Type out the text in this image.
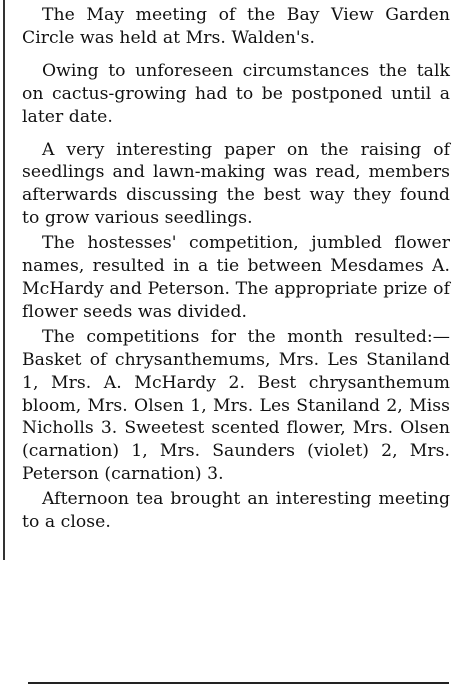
The May meeting of the Bay View Garden Circle was held at Mrs. Walden's.

Owing to unforeseen circumstances the talk on cactus-growing had to be postponed until a later date.

A very interesting paper on the raising of seedlings and lawn-making was read, members afterwards discussing the best way they found to grow various seedlings.

The hostesses' competition, jumbled flower names, resulted in a tie between Mesdames A. McHardy and Peterson. The appropriate prize of flower seeds was divided.

The competitions for the month resulted:—Basket of chrysanthemums, Mrs. Les Staniland 1, Mrs. A. McHardy 2. Best chrysanthemum bloom, Mrs. Olsen 1, Mrs. Les Staniland 2, Miss Nicholls 3. Sweetest scented flower, Mrs. Olsen (carnation) 1, Mrs. Saunders (violet) 2, Mrs. Peterson (carnation) 3.

Afternoon tea brought an interesting meeting to a close.
